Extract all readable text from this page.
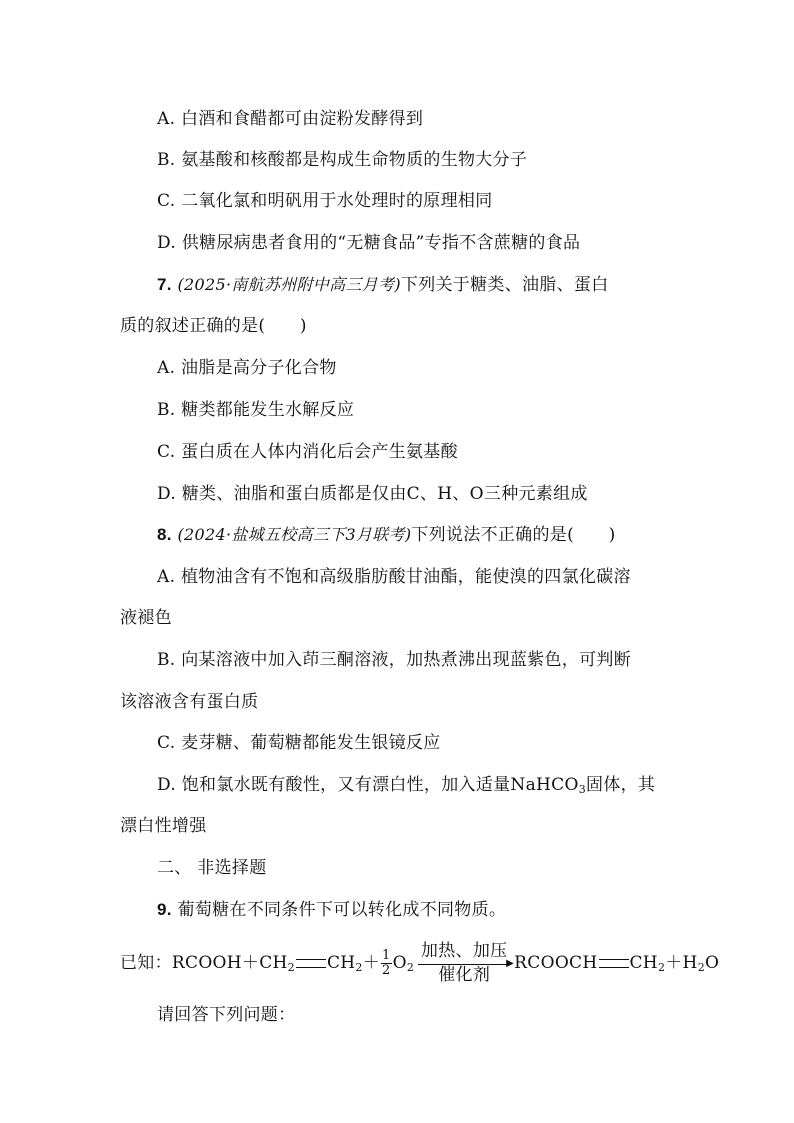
A. 白酒和食醋都可由淀粉发酵得到
B. 氨基酸和核酸都是构成生命物质的生物大分子
C. 二氧化氯和明矾用于水处理时的原理相同
D. 供糖尿病患者食用的“无糖食品”专指不含蔗糖的食品
7. (2025·南航苏州附中高三月考)下列关于糖类、油脂、蛋白
质的叙述正确的是(　　)
A. 油脂是高分子化合物
B. 糖类都能发生水解反应
C. 蛋白质在人体内消化后会产生氨基酸
D. 糖类、油脂和蛋白质都是仅由C、H、O三种元素组成
8. (2024·盐城五校高三下3月联考)下列说法不正确的是(　　)
A. 植物油含有不饱和高级脂肪酸甘油酯，能使溴的四氯化碳溶
液褪色
B. 向某溶液中加入茚三酮溶液，加热煮沸出现蓝紫色，可判断
该溶液含有蛋白质
C. 麦芽糖、葡萄糖都能发生银镜反应
D. 饱和氯水既有酸性，又有漂白性，加入适量NaHCO$_3$固体，其
漂白性增强
二、 非选择题
9. 葡萄糖在不同条件下可以转化成不同物质。
已知：$RCOOH+CH_2$ $CH_2+ \frac{1}{2} O_2$
加热、加压
▶
催化剂
RCOOCH $CH_2+H_2O$
请回答下列问题：
